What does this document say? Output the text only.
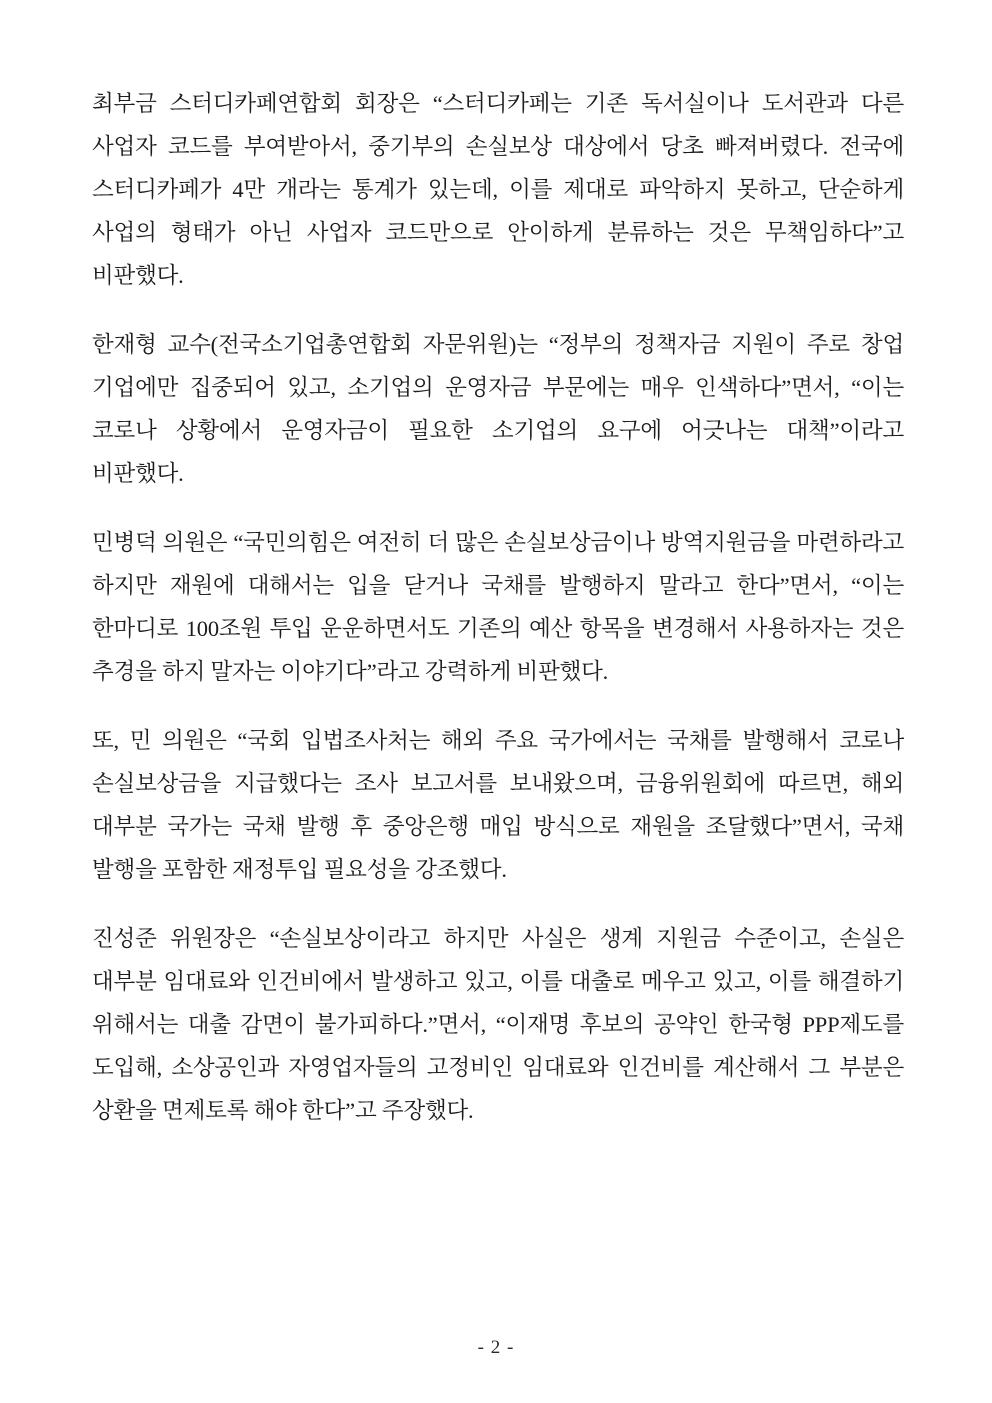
최부금 스터디카페연합회 회장은 “스터디카페는 기존 독서실이나 도서관과 다른 사업자 코드를 부여받아서, 중기부의 손실보상 대상에서 당초 빠져버렸다. 전국에 스터디카페가 4만 개라는 통계가 있는데, 이를 제대로 파악하지 못하고, 단순하게 사업의 형태가 아닌 사업자 코드만으로 안이하게 분류하는 것은 무책임하다”고 비판했다.

한재형 교수(전국소기업총연합회 자문위원)는 “정부의 정책자금 지원이 주로 창업 기업에만 집중되어 있고, 소기업의 운영자금 부문에는 매우 인색하다”면서, “이는 코로나 상황에서 운영자금이 필요한 소기업의 요구에 어긋나는 대책”이라고 비판했다.

민병덕 의원은 “국민의힘은 여전히 더 많은 손실보상금이나 방역지원금을 마련하라고 하지만 재원에 대해서는 입을 닫거나 국채를 발행하지 말라고 한다”면서, “이는 한마디로 100조원 투입 운운하면서도 기존의 예산 항목을 변경해서 사용하자는 것은 추경을 하지 말자는 이야기다”라고 강력하게 비판했다.

또, 민 의원은 “국회 입법조사처는 해외 주요 국가에서는 국채를 발행해서 코로나 손실보상금을 지급했다는 조사 보고서를 보내왔으며, 금융위원회에 따르면, 해외 대부분 국가는 국채 발행 후 중앙은행 매입 방식으로 재원을 조달했다”면서, 국채 발행을 포함한 재정투입 필요성을 강조했다.

진성준 위원장은 “손실보상이라고 하지만 사실은 생계 지원금 수준이고, 손실은 대부분 임대료와 인건비에서 발생하고 있고, 이를 대출로 메우고 있고, 이를 해결하기 위해서는 대출 감면이 불가피하다.”면서, “이재명 후보의 공약인 한국형 PPP제도를 도입해, 소상공인과 자영업자들의 고정비인 임대료와 인건비를 계산해서 그 부분은 상환을 면제토록 해야 한다”고 주장했다.

- 2 -
